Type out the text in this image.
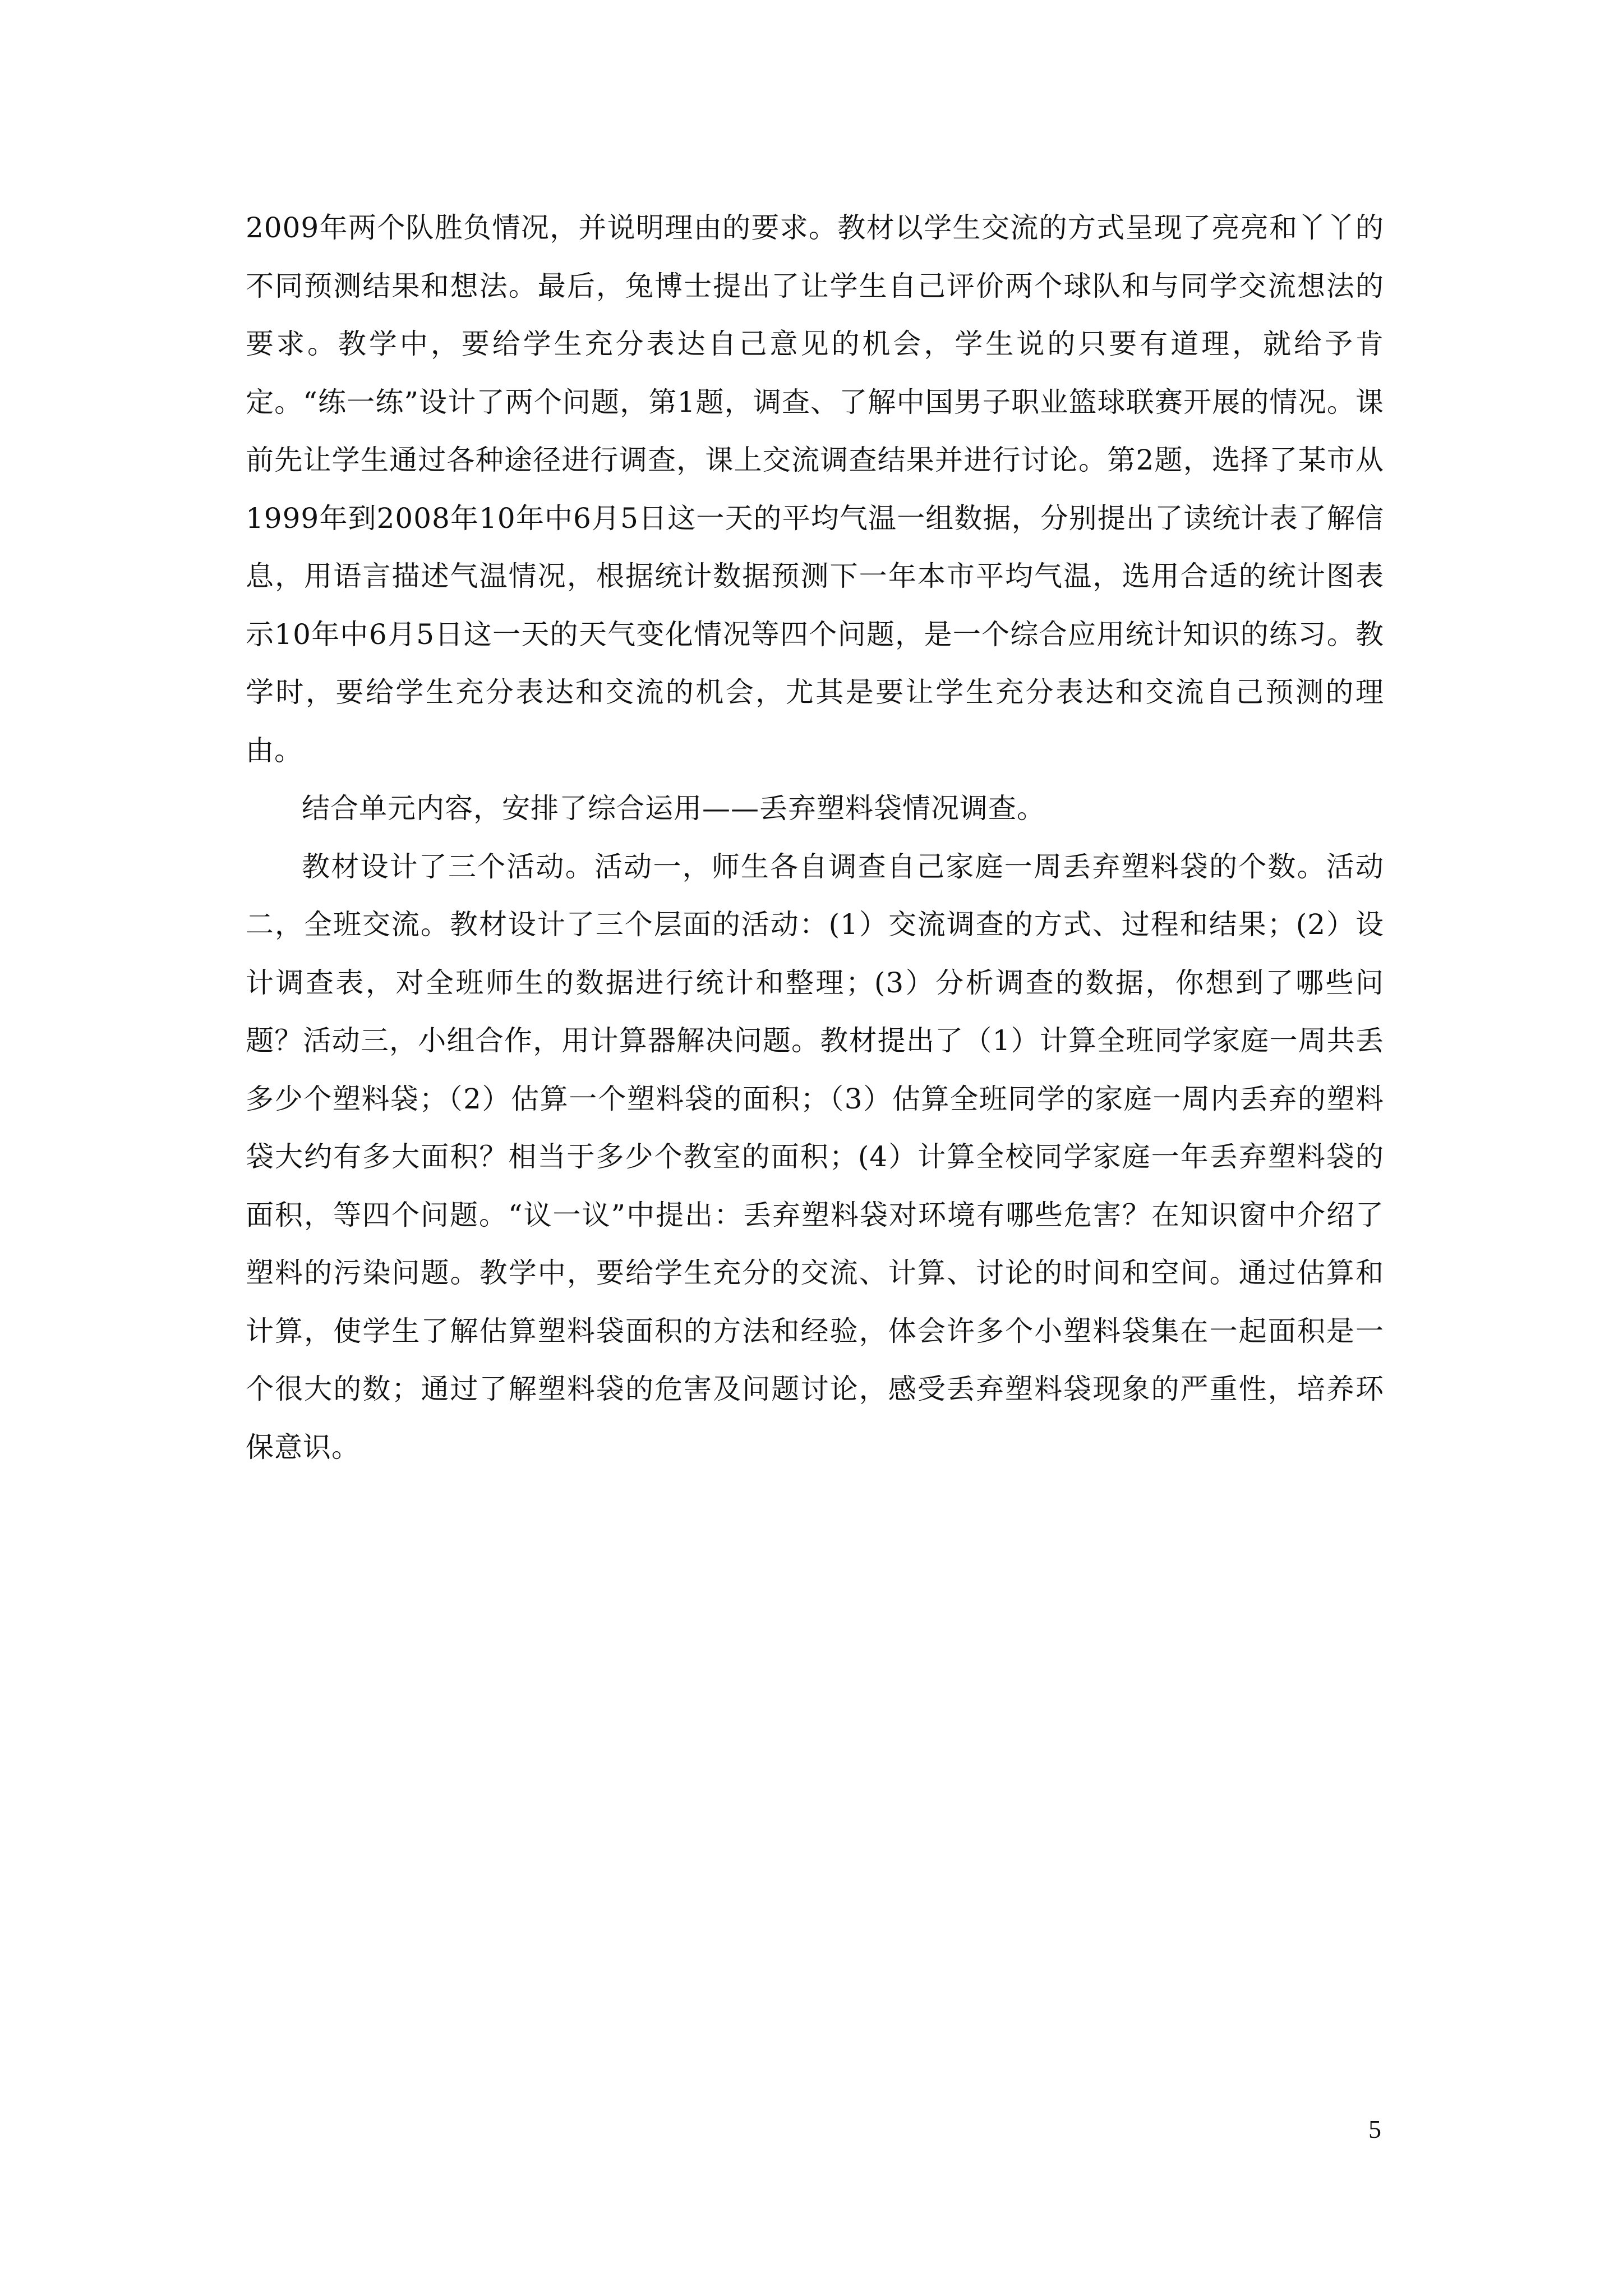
2009年两个队胜负情况，并说明理由的要求。教材以学生交流的方式呈现了亮亮和丫丫的不同预测结果和想法。最后，兔博士提出了让学生自己评价两个球队和与同学交流想法的要求。教学中，要给学生充分表达自己意见的机会，学生说的只要有道理，就给予肯定。“练一练”设计了两个问题，第1题，调查、了解中国男子职业篮球联赛开展的情况。课前先让学生通过各种途径进行调查，课上交流调查结果并进行讨论。第2题，选择了某市从1999年到2008年10年中6月5日这一天的平均气温一组数据，分别提出了读统计表了解信息，用语言描述气温情况，根据统计数据预测下一年本市平均气温，选用合适的统计图表示10年中6月5日这一天的天气变化情况等四个问题，是一个综合应用统计知识的练习。教学时，要给学生充分表达和交流的机会，尤其是要让学生充分表达和交流自己预测的理由。

结合单元内容，安排了综合运用——丢弃塑料袋情况调查。

教材设计了三个活动。活动一，师生各自调查自己家庭一周丢弃塑料袋的个数。活动二，全班交流。教材设计了三个层面的活动：(1）交流调查的方式、过程和结果；(2）设计调查表，对全班师生的数据进行统计和整理；(3）分析调查的数据，你想到了哪些问题？活动三，小组合作，用计算器解决问题。教材提出了（1）计算全班同学家庭一周共丢多少个塑料袋；（2）估算一个塑料袋的面积；（3）估算全班同学的家庭一周内丢弃的塑料袋大约有多大面积？相当于多少个教室的面积；(4）计算全校同学家庭一年丢弃塑料袋的面积，等四个问题。“议一议”中提出：丢弃塑料袋对环境有哪些危害？在知识窗中介绍了塑料的污染问题。教学中，要给学生充分的交流、计算、讨论的时间和空间。通过估算和计算，使学生了解估算塑料袋面积的方法和经验，体会许多个小塑料袋集在一起面积是一个很大的数；通过了解塑料袋的危害及问题讨论，感受丢弃塑料袋现象的严重性，培养环保意识。

5
